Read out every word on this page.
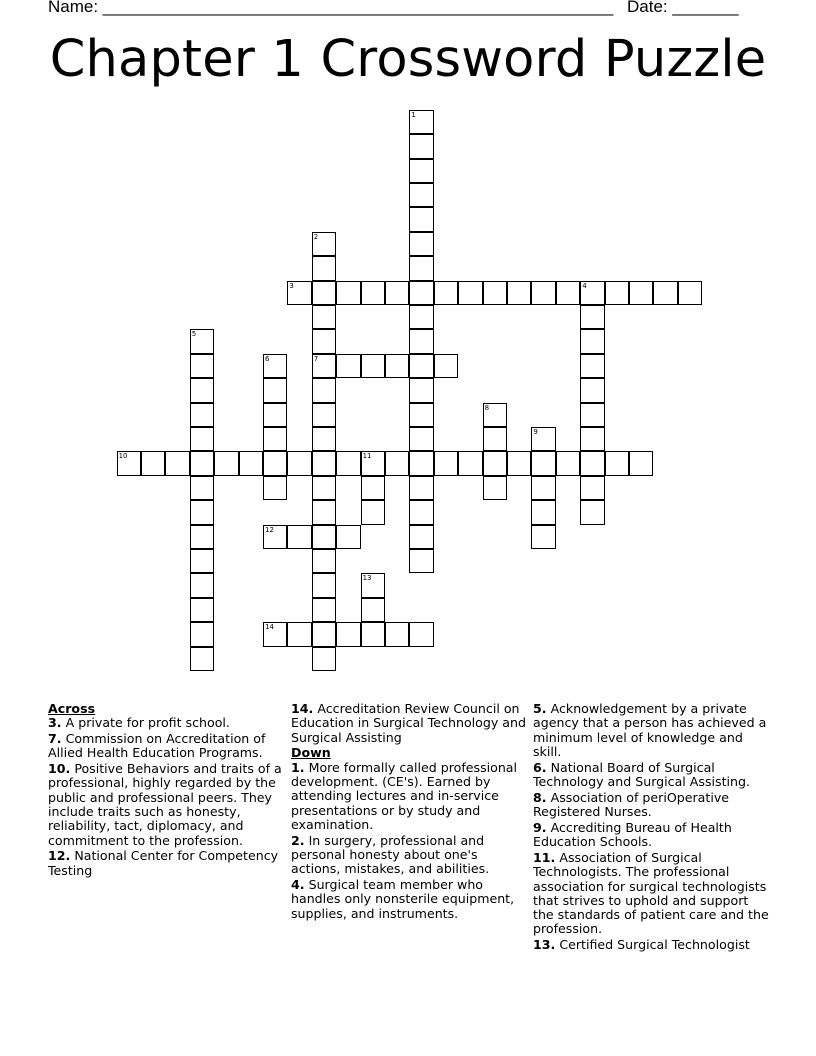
Name: ______________________________________________________ Date: _______
Chapter 1 Crossword Puzzle
1
2
7
3	4
5
6
8
9
10	11
12
13
14
Across
3. A private for profit school.
7. Commission on Accreditation of Allied Health Education Programs.
10. Positive Behaviors and traits of a professional, highly regarded by the public and professional peers. They include traits such as honesty, reliability, tact, diplomacy, and commitment to the profession.
12. National Center for Competency Testing
14. Accreditation Review Council on Education in Surgical Technology and Surgical Assisting
Down
1. More formally called professional development. (CE's). Earned by attending lectures and in-service presentations or by study and examination.
2. In surgery, professional and personal honesty about one's actions, mistakes, and abilities.
4. Surgical team member who handles only nonsterile equipment, supplies, and instruments.
5. Acknowledgement by a private agency that a person has achieved a minimum level of knowledge and skill.
6. National Board of Surgical Technology and Surgical Assisting.
8. Association of periOperative Registered Nurses.
9. Accrediting Bureau of Health Education Schools.
11. Association of Surgical Technologists. The professional association for surgical technologists that strives to uphold and support the standards of patient care and the profession.
13. Certified Surgical Technologist
